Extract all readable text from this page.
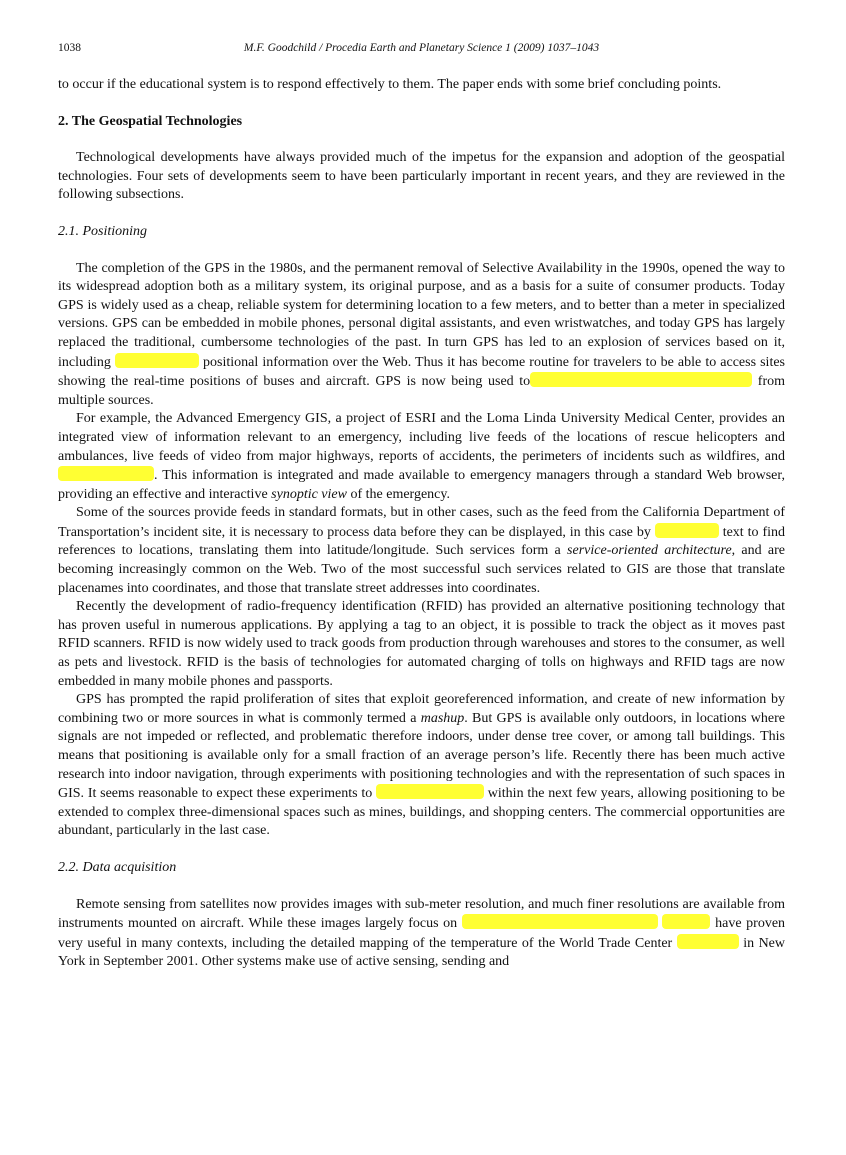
1038	M.F. Goodchild / Procedia Earth and Planetary Science 1 (2009) 1037–1043

to occur if the educational system is to respond effectively to them. The paper ends with some brief concluding points.

2. The Geospatial Technologies

Technological developments have always provided much of the impetus for the expansion and adoption of the geospatial technologies. Four sets of developments seem to have been particularly important in recent years, and they are reviewed in the following subsections.

2.1. Positioning

The completion of the GPS in the 1980s, and the permanent removal of Selective Availability in the 1990s, opened the way to its widespread adoption both as a military system, its original purpose, and as a basis for a suite of consumer products. Today GPS is widely used as a cheap, reliable system for determining location to a few meters, and to better than a meter in specialized versions. GPS can be embedded in mobile phones, personal digital assistants, and even wristwatches, and today GPS has largely replaced the traditional, cumbersome technologies of the past. In turn GPS has led to an explosion of services based on it, including	positional information over the Web. Thus it has become routine for travelers to be able to access sites showing the real-time positions of buses and aircraft. GPS is now being used to	from multiple sources.

For example, the Advanced Emergency GIS, a project of ESRI and the Loma Linda University Medical Center, provides an integrated view of information relevant to an emergency, including live feeds of the locations of rescue helicopters and ambulances, live feeds of video from major highways, reports of accidents, the perimeters of incidents such as wildfires, and. This information is integrated and made available to emergency managers through a standard Web browser, providing an effective and interactive synoptic view of the emergency.

Some of the sources provide feeds in standard formats, but in other cases, such as the feed from the California Department of Transportation’s incident site, it is necessary to process data before they can be displayed, in this case by	text to find references to locations, translating them into latitude/longitude. Such services form a service-oriented architecture, and are becoming increasingly common on the Web. Two of the most successful such services related to GIS are those that translate placenames into coordinates, and those that translate street addresses into coordinates.

Recently the development of radio-frequency identification (RFID) has provided an alternative positioning technology that has proven useful in numerous applications. By applying a tag to an object, it is possible to track the object as it moves past RFID scanners. RFID is now widely used to track goods from production through warehouses and stores to the consumer, as well as pets and livestock. RFID is the basis of technologies for automated charging of tolls on highways and RFID tags are now embedded in many mobile phones and passports.

GPS has prompted the rapid proliferation of sites that exploit georeferenced information, and create of new information by combining two or more sources in what is commonly termed a mashup. But GPS is available only outdoors, in locations where signals are not impeded or reflected, and problematic therefore indoors, under dense tree cover, or among tall buildings. This means that positioning is available only for a small fraction of an average person’s life. Recently there has been much active research into indoor navigation, through experiments with positioning technologies and with the representation of such spaces in GIS. It seems reasonable to expect these experiments to	within the next few years, allowing positioning to be extended to complex three-dimensional spaces such as mines, buildings, and shopping centers. The commercial opportunities are abundant, particularly in the last case.

2.2. Data acquisition

Remote sensing from satellites now provides images with sub-meter resolution, and much finer resolutions are available from instruments mounted on aircraft. While these images largely focus on	have proven very useful in many contexts, including the detailed mapping of the temperature of the World Trade Center	in New York in September 2001. Other systems make use of active sensing, sending and
